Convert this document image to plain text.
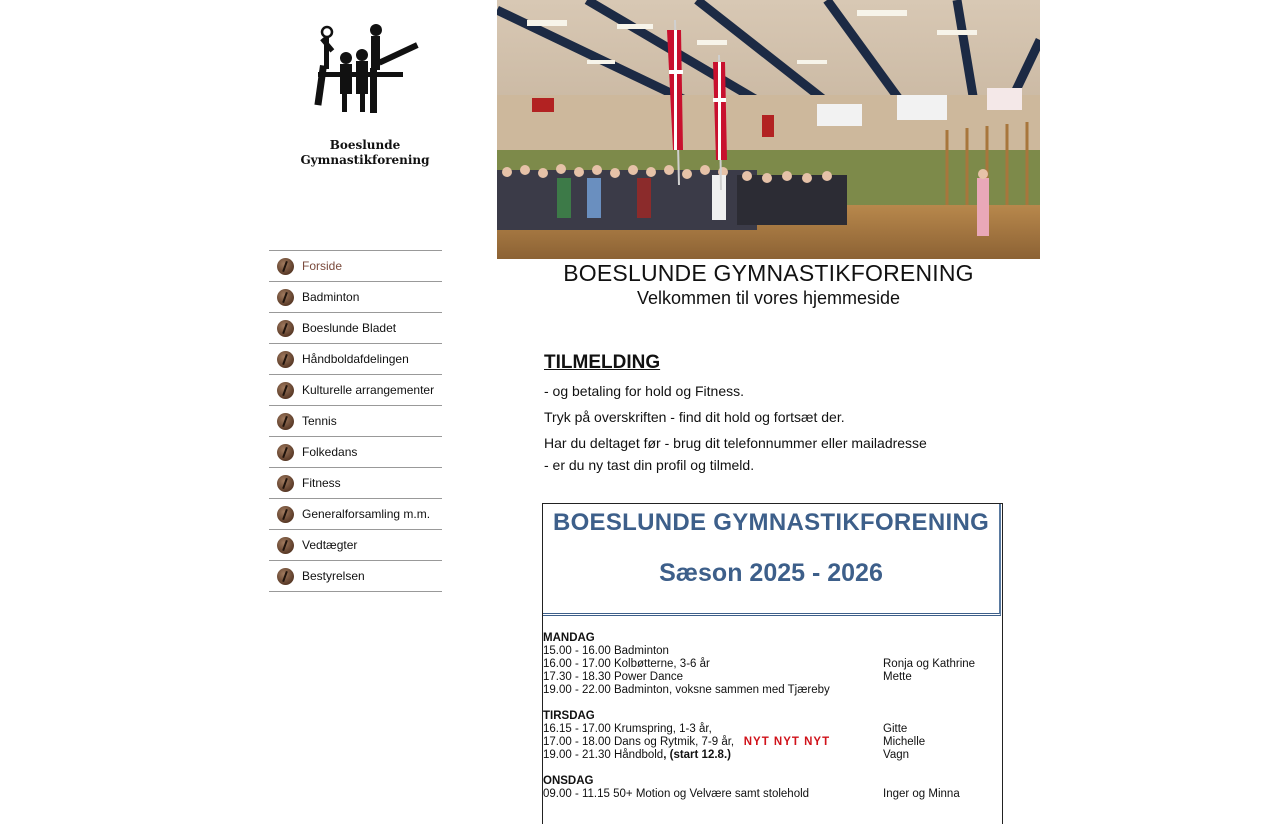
Boeslunde
Gymnastikforening
Forside
Badminton
Boeslunde Bladet
Håndboldafdelingen
Kulturelle arrangementer
Tennis
Folkedans
Fitness
Generalforsamling m.m.
Vedtægter
Bestyrelsen
BOESLUNDE GYMNASTIKFORENING
Velkommen til vores hjemmeside
TILMELDING

- og betaling for hold og Fitness.

Tryk på overskriften - find dit hold og fortsæt der.

Har du deltaget før - brug dit telefonnummer eller mailadresse

- er du ny tast din profil og tilmeld.

BOESLUNDE GYMNASTIKFORENING
Sæson 2025 - 2026
MANDAG
15.00 - 16.00 Badminton
16.00 - 17.00 Kolbøtterne, 3-6 år	Ronja og Kathrine
17.30 - 18.30 Power Dance	Mette
19.00 - 22.00 Badminton, voksne sammen med Tjæreby
TIRSDAG
16.15 - 17.00 Krumspring, 1-3 år,	Gitte
17.00 - 18.00 Dans og Rytmik, 7-9 år, NYT NYT NYT	Michelle
19.00 - 21.30 Håndbold, (start 12.8.)	Vagn
ONSDAG
09.00 - 11.15 50+ Motion og Velvære samt stolehold	Inger og Minna
